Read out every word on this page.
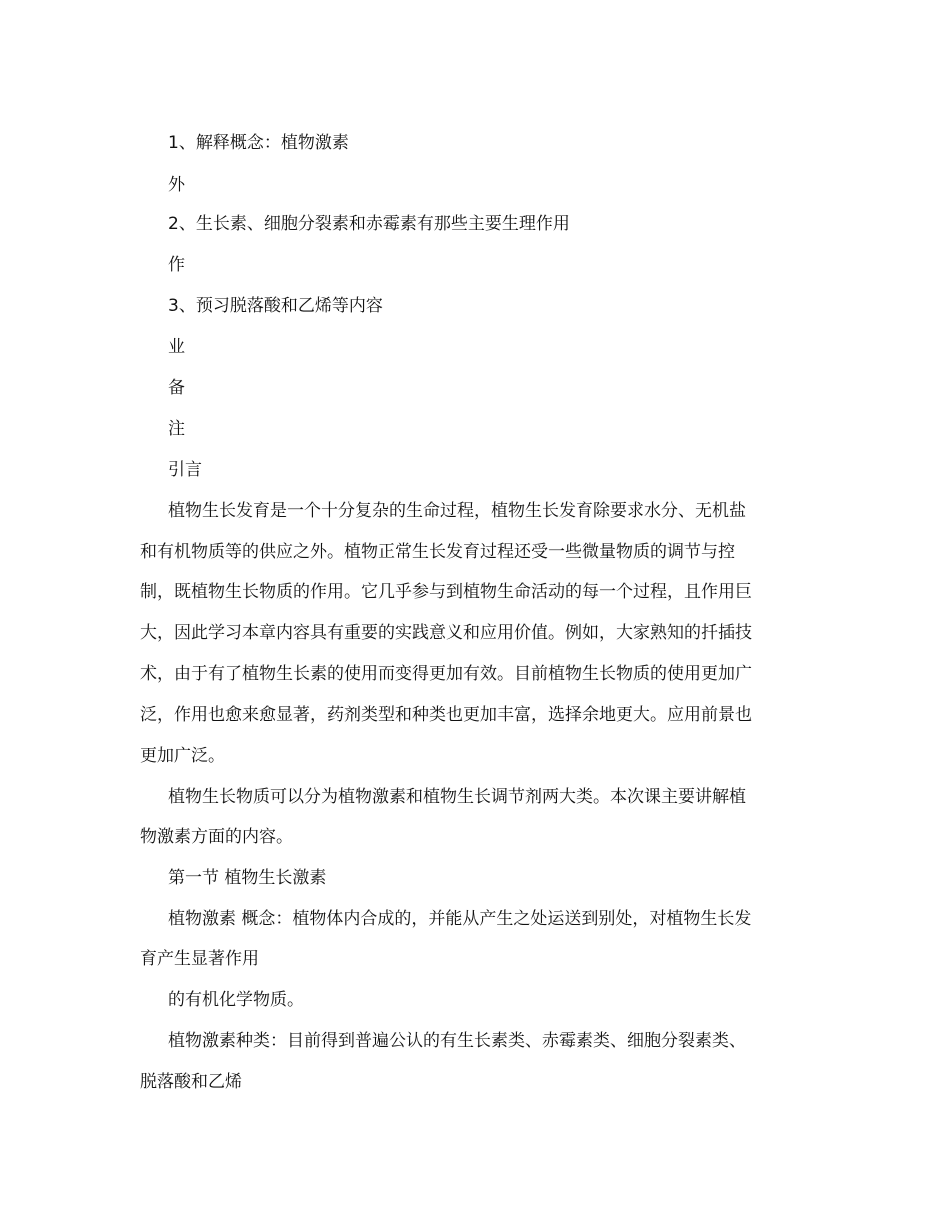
1、解释概念：植物激素

外

2、生长素、细胞分裂素和赤霉素有那些主要生理作用

作

3、预习脱落酸和乙烯等内容

业

备

注

引言

植物生长发育是一个十分复杂的生命过程，植物生长发育除要求水分、无机盐

和有机物质等的供应之外。植物正常生长发育过程还受一些微量物质的调节与控

制，既植物生长物质的作用。它几乎参与到植物生命活动的每一个过程，且作用巨

大，因此学习本章内容具有重要的实践意义和应用价值。例如，大家熟知的扦插技

术，由于有了植物生长素的使用而变得更加有效。目前植物生长物质的使用更加广

泛，作用也愈来愈显著，药剂类型和种类也更加丰富，选择余地更大。应用前景也

更加广泛。

植物生长物质可以分为植物激素和植物生长调节剂两大类。本次课主要讲解植

物激素方面的内容。

第一节 植物生长激素

植物激素 概念：植物体内合成的，并能从产生之处运送到别处，对植物生长发

育产生显著作用

的有机化学物质。

植物激素种类：目前得到普遍公认的有生长素类、赤霉素类、细胞分裂素类、

脱落酸和乙烯
